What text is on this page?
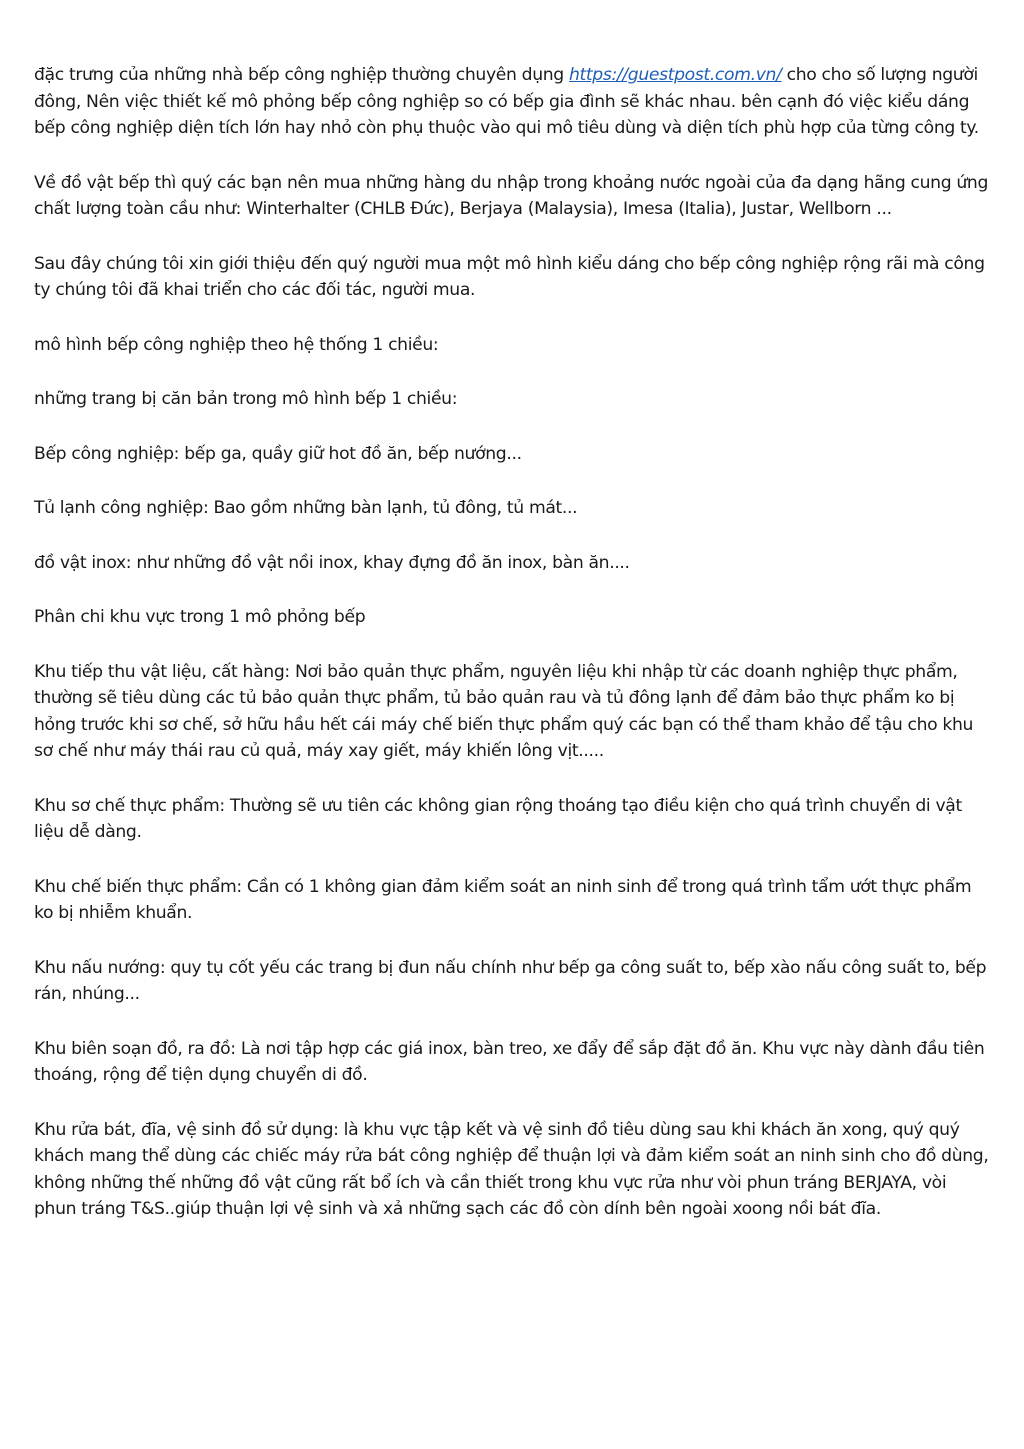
đặc trưng của những nhà bếp công nghiệp thường chuyên dụng https://guestpost.com.vn/ cho cho số lượng người đông, Nên việc thiết kế mô phỏng bếp công nghiệp so có bếp gia đình sẽ khác nhau. bên cạnh đó việc kiểu dáng bếp công nghiệp diện tích lớn hay nhỏ còn phụ thuộc vào qui mô tiêu dùng và diện tích phù hợp của từng công ty.

Về đồ vật bếp thì quý các bạn nên mua những hàng du nhập trong khoảng nước ngoài của đa dạng hãng cung ứng chất lượng toàn cầu như: Winterhalter (CHLB Đức), Berjaya (Malaysia), Imesa (Italia), Justar, Wellborn ...

Sau đây chúng tôi xin giới thiệu đến quý người mua một mô hình kiểu dáng cho bếp công nghiệp rộng rãi mà công ty chúng tôi đã khai triển cho các đối tác, người mua.

mô hình bếp công nghiệp theo hệ thống 1 chiều:

những trang bị căn bản trong mô hình bếp 1 chiều:

Bếp công nghiệp: bếp ga, quầy giữ hot đồ ăn, bếp nướng...

Tủ lạnh công nghiệp: Bao gồm những bàn lạnh, tủ đông, tủ mát...

đồ vật inox: như những đồ vật nồi inox, khay đựng đồ ăn inox, bàn ăn....

Phân chi khu vực trong 1 mô phỏng bếp

Khu tiếp thu vật liệu, cất hàng: Nơi bảo quản thực phẩm, nguyên liệu khi nhập từ các doanh nghiệp thực phẩm, thường sẽ tiêu dùng các tủ bảo quản thực phẩm, tủ bảo quản rau và tủ đông lạnh để đảm bảo thực phẩm ko bị hỏng trước khi sơ chế, sở hữu hầu hết cái máy chế biến thực phẩm quý các bạn có thể tham khảo để tậu cho khu sơ chế như máy thái rau củ quả, máy xay giết, máy khiến lông vịt.....

Khu sơ chế thực phẩm: Thường sẽ ưu tiên các không gian rộng thoáng tạo điều kiện cho quá trình chuyển di vật liệu dễ dàng.

Khu chế biến thực phẩm: Cần có 1 không gian đảm kiểm soát an ninh sinh để trong quá trình tẩm ướt thực phẩm ko bị nhiễm khuẩn.

Khu nấu nướng: quy tụ cốt yếu các trang bị đun nấu chính như bếp ga công suất to, bếp xào nấu công suất to, bếp rán, nhúng...

Khu biên soạn đồ, ra đồ: Là nơi tập hợp các giá inox, bàn treo, xe đẩy để sắp đặt đồ ăn. Khu vực này dành đầu tiên thoáng, rộng để tiện dụng chuyển di đồ.

Khu rửa bát, đĩa, vệ sinh đồ sử dụng: là khu vực tập kết và vệ sinh đồ tiêu dùng sau khi khách ăn xong, quý quý khách mang thể dùng các chiếc máy rửa bát công nghiệp để thuận lợi và đảm kiểm soát an ninh sinh cho đồ dùng, không những thế những đồ vật cũng rất bổ ích và cần thiết trong khu vực rửa như vòi phun tráng BERJAYA, vòi phun tráng T&S..giúp thuận lợi vệ sinh và xả những sạch các đồ còn dính bên ngoài xoong nồi bát đĩa.
